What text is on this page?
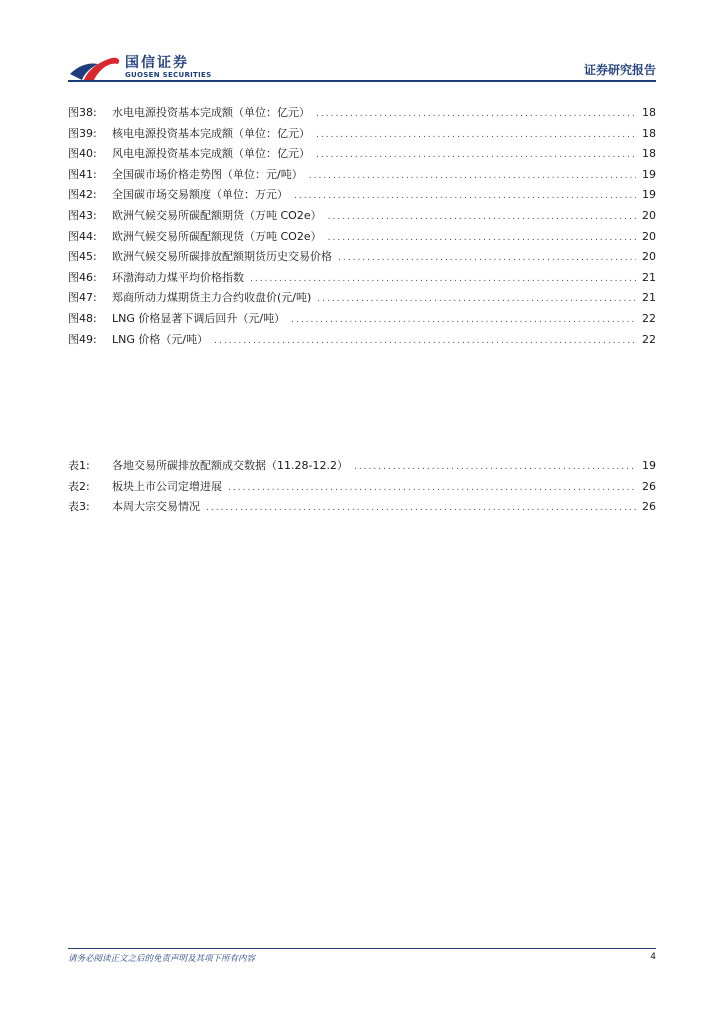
国信证券
GUOSEN SECURITIES	证券研究报告
图38:	水电电源投资基本完成额（单位：亿元） .....	18
图39:	核电电源投资基本完成额（单位：亿元） .....	18
图40:	风电电源投资基本完成额（单位：亿元） .....	18
图41:	全国碳市场价格走势图（单位：元/吨） .....	19
图42:	全国碳市场交易额度（单位：万元） .....	19
图43:	欧洲气候交易所碳配额期货（万吨 CO2e） .....	20
图44:	欧洲气候交易所碳配额现货（万吨 CO2e） .....	20
图45:	欧洲气候交易所碳排放配额期货历史交易价格 .....	20
图46:	环渤海动力煤平均价格指数 .....	21
图47:	郑商所动力煤期货主力合约收盘价(元/吨) .....	21
图48:	LNG 价格显著下调后回升（元/吨） .....	22
图49:	LNG 价格（元/吨） .....	22
表1:	各地交易所碳排放配额成交数据（11.28-12.2） .....	19
表2:	板块上市公司定增进展 .....	26
表3:	本周大宗交易情况 .....	26
请务必阅读正文之后的免责声明及其项下所有内容	4
